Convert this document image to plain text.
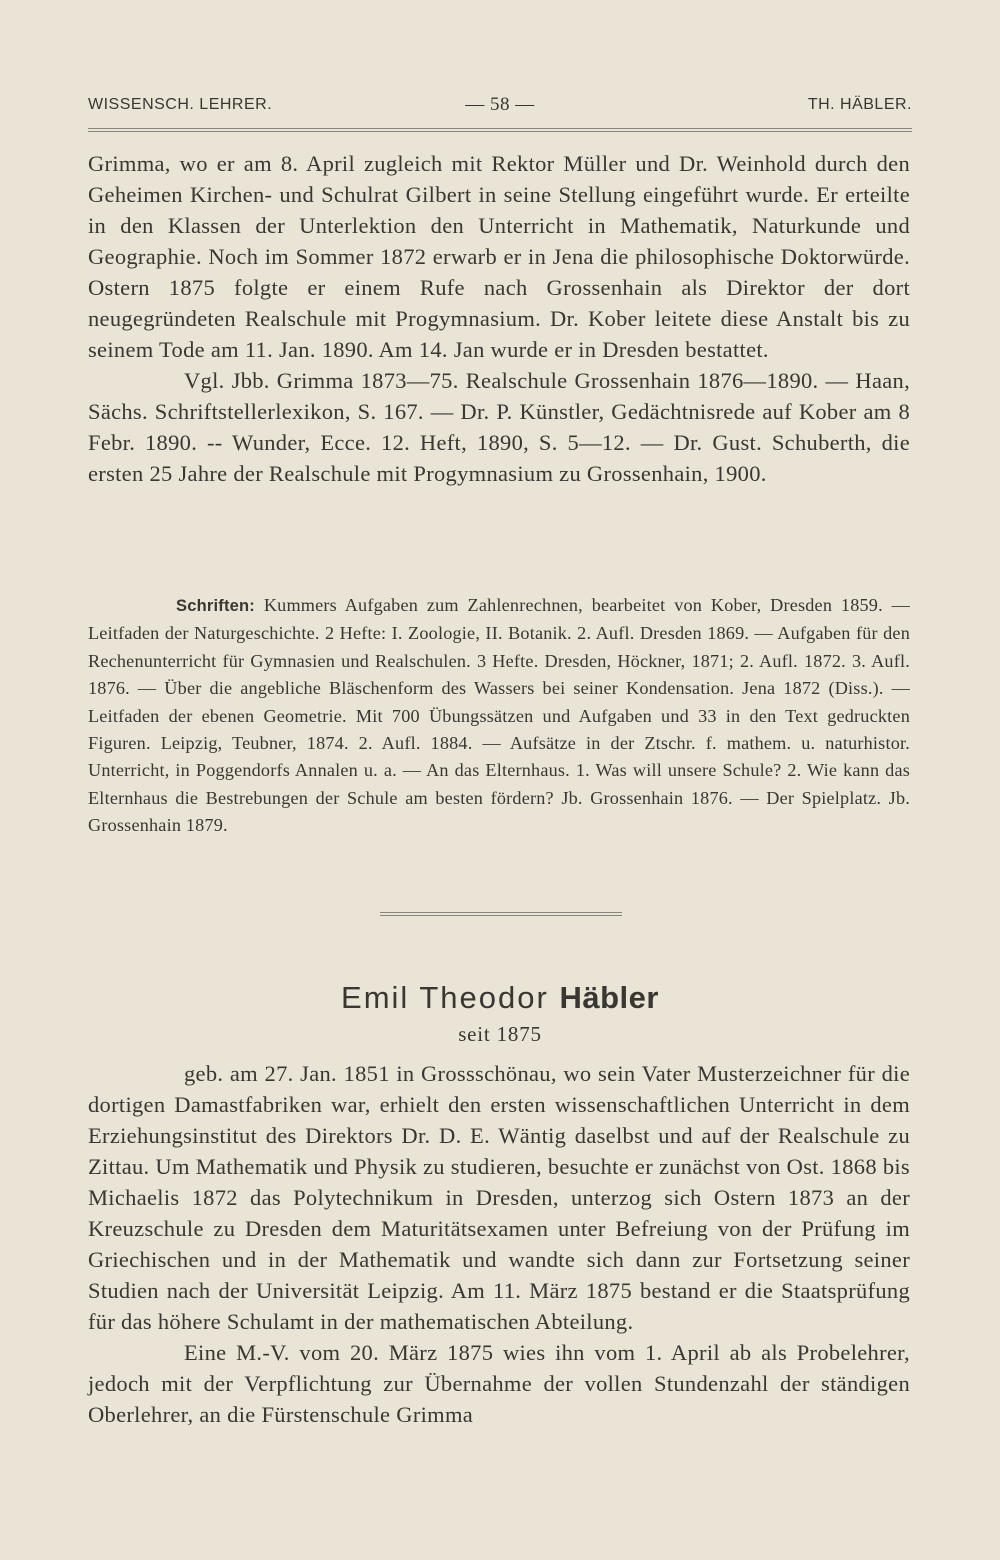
WISSENSCH. LEHRER.	— 58 —	TH. HÄBLER.

Grimma, wo er am 8. April zugleich mit Rektor Müller und Dr. Weinhold durch den Geheimen Kirchen- und Schulrat Gilbert in seine Stellung eingeführt wurde. Er erteilte in den Klassen der Unterlektion den Unterricht in Mathematik, Naturkunde und Geographie. Noch im Sommer 1872 erwarb er in Jena die philosophische Doktorwürde. Ostern 1875 folgte er einem Rufe nach Grossenhain als Direktor der dort neugegründeten Realschule mit Progymnasium. Dr. Kober leitete diese Anstalt bis zu seinem Tode am 11. Jan. 1890. Am 14. Jan wurde er in Dresden bestattet.

Vgl. Jbb. Grimma 1873—75. Realschule Grossenhain 1876—1890. — Haan, Sächs. Schriftstellerlexikon, S. 167. — Dr. P. Künstler, Gedächtnisrede auf Kober am 8 Febr. 1890. -- Wunder, Ecce. 12. Heft, 1890, S. 5—12. — Dr. Gust. Schuberth, die ersten 25 Jahre der Realschule mit Progymnasium zu Grossenhain, 1900.

Schriften: Kummers Aufgaben zum Zahlenrechnen, bearbeitet von Kober, Dresden 1859. — Leitfaden der Naturgeschichte. 2 Hefte: I. Zoologie, II. Botanik. 2. Aufl. Dresden 1869. — Aufgaben für den Rechenunterricht für Gymnasien und Realschulen. 3 Hefte. Dresden, Höckner, 1871; 2. Aufl. 1872. 3. Aufl. 1876. — Über die angebliche Bläschenform des Wassers bei seiner Kondensation. Jena 1872 (Diss.). — Leitfaden der ebenen Geometrie. Mit 700 Übungssätzen und Aufgaben und 33 in den Text gedruckten Figuren. Leipzig, Teubner, 1874. 2. Aufl. 1884. — Aufsätze in der Ztschr. f. mathem. u. naturhistor. Unterricht, in Poggendorfs Annalen u. a. — An das Elternhaus. 1. Was will unsere Schule? 2. Wie kann das Elternhaus die Bestrebungen der Schule am besten fördern? Jb. Grossenhain 1876. — Der Spielplatz. Jb. Grossenhain 1879.

Emil Theodor Häbler
seit 1875

geb. am 27. Jan. 1851 in Grossschönau, wo sein Vater Musterzeichner für die dortigen Damastfabriken war, erhielt den ersten wissenschaftlichen Unterricht in dem Erziehungsinstitut des Direktors Dr. D. E. Wäntig daselbst und auf der Realschule zu Zittau. Um Mathematik und Physik zu studieren, besuchte er zunächst von Ost. 1868 bis Michaelis 1872 das Polytechnikum in Dresden, unterzog sich Ostern 1873 an der Kreuzschule zu Dresden dem Maturitätsexamen unter Befreiung von der Prüfung im Griechischen und in der Mathematik und wandte sich dann zur Fortsetzung seiner Studien nach der Universität Leipzig. Am 11. März 1875 bestand er die Staatsprüfung für das höhere Schulamt in der mathematischen Abteilung.

Eine M.-V. vom 20. März 1875 wies ihn vom 1. April ab als Probelehrer, jedoch mit der Verpflichtung zur Übernahme der vollen Stundenzahl der ständigen Oberlehrer, an die Fürstenschule Grimma
